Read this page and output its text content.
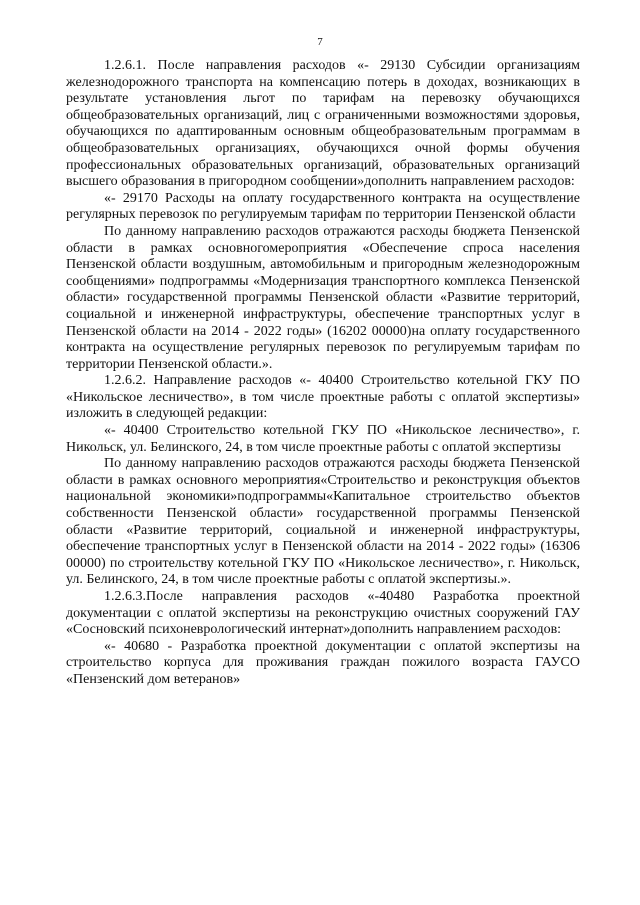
7

1.2.6.1. После направления расходов «- 29130 Субсидии организациям железнодорожного транспорта на компенсацию потерь в доходах, возникающих в результате установления льгот по тарифам на перевозку обучающихся общеобразовательных организаций, лиц с ограниченными возможностями здоровья, обучающихся по адаптированным основным общеобразовательным программам в общеобразовательных организациях, обучающихся очной формы обучения профессиональных образовательных организаций, образовательных организаций высшего образования в пригородном сообщении»дополнить направлением расходов:

«- 29170 Расходы на оплату государственного контракта на осуществление регулярных перевозок по регулируемым тарифам по территории Пензенской области

По данному направлению расходов отражаются расходы бюджета Пензенской области в рамках основногомероприятия «Обеспечение спроса населения Пензенской области воздушным, автомобильным и пригородным железнодорожным сообщениями» подпрограммы «Модернизация транспортного комплекса Пензенской области» государственной программы Пензенской области «Развитие территорий, социальной и инженерной инфраструктуры, обеспечение транспортных услуг в Пензенской области на 2014 - 2022 годы» (16202 00000)на оплату государственного контракта на осуществление регулярных перевозок по регулируемым тарифам по территории Пензенской области.».

1.2.6.2. Направление расходов «- 40400 Строительство котельной ГКУ ПО «Никольское лесничество», в том числе проектные работы с оплатой экспертизы» изложить в следующей редакции:

«- 40400 Строительство котельной ГКУ ПО «Никольское лесничество», г. Никольск, ул. Белинского, 24, в том числе проектные работы с оплатой экспертизы

По данному направлению расходов отражаются расходы бюджета Пензенской области в рамках основного мероприятия«Строительство и реконструкция объектов национальной экономики»подпрограммы«Капитальное строительство объектов собственности Пензенской области» государственной программы Пензенской области «Развитие территорий, социальной и инженерной инфраструктуры, обеспечение транспортных услуг в Пензенской области на 2014 - 2022 годы» (16306 00000) по строительству котельной ГКУ ПО «Никольское лесничество», г. Никольск, ул. Белинского, 24, в том числе проектные работы с оплатой экспертизы.».

1.2.6.3.После направления расходов «-40480 Разработка проектной документации с оплатой экспертизы на реконструкцию очистных сооружений ГАУ «Сосновский психоневрологический интернат»дополнить направлением расходов:

«- 40680 - Разработка проектной документации с оплатой экспертизы на строительство корпуса для проживания граждан пожилого возраста ГАУСО «Пензенский дом ветеранов»
